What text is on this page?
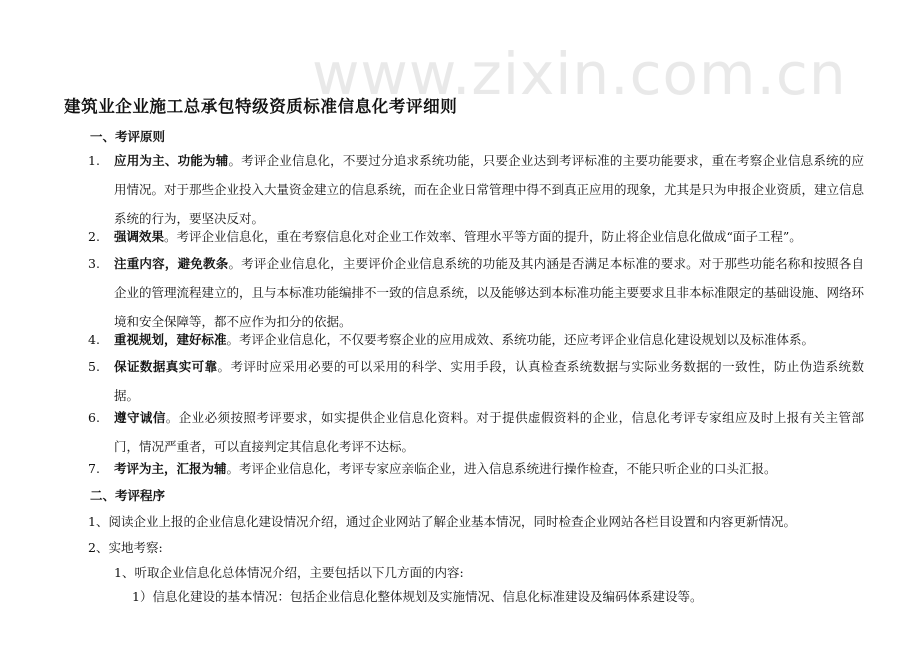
www.zixin.com.cn
建筑业企业施工总承包特级资质标准信息化考评细则
一、考评原则
1. 应用为主、功能为辅。考评企业信息化，不要过分追求系统功能，只要企业达到考评标准的主要功能要求，重在考察企业信息系统的应用情况。对于那些企业投入大量资金建立的信息系统，而在企业日常管理中得不到真正应用的现象，尤其是只为申报企业资质，建立信息系统的行为，要坚决反对。
2. 强调效果。考评企业信息化，重在考察信息化对企业工作效率、管理水平等方面的提升，防止将企业信息化做成“面子工程”。
3. 注重内容，避免教条。考评企业信息化，主要评价企业信息系统的功能及其内涵是否满足本标准的要求。对于那些功能名称和按照各自企业的管理流程建立的，且与本标准功能编排不一致的信息系统，以及能够达到本标准功能主要要求且非本标准限定的基础设施、网络环境和安全保障等，都不应作为扣分的依据。
4. 重视规划，建好标准。考评企业信息化，不仅要考察企业的应用成效、系统功能，还应考评企业信息化建设规划以及标准体系。
5. 保证数据真实可靠。考评时应采用必要的可以采用的科学、实用手段，认真检查系统数据与实际业务数据的一致性，防止伪造系统数据。
6. 遵守诚信。企业必须按照考评要求，如实提供企业信息化资料。对于提供虚假资料的企业，信息化考评专家组应及时上报有关主管部门，情况严重者，可以直接判定其信息化考评不达标。
7. 考评为主，汇报为辅。考评企业信息化，考评专家应亲临企业，进入信息系统进行操作检查，不能只听企业的口头汇报。
二、考评程序

1、阅读企业上报的企业信息化建设情况介绍，通过企业网站了解企业基本情况，同时检查企业网站各栏目设置和内容更新情况。

2、实地考察:

1、听取企业信息化总体情况介绍，主要包括以下几方面的内容:

1）信息化建设的基本情况：包括企业信息化整体规划及实施情况、信息化标准建设及编码体系建设等。
